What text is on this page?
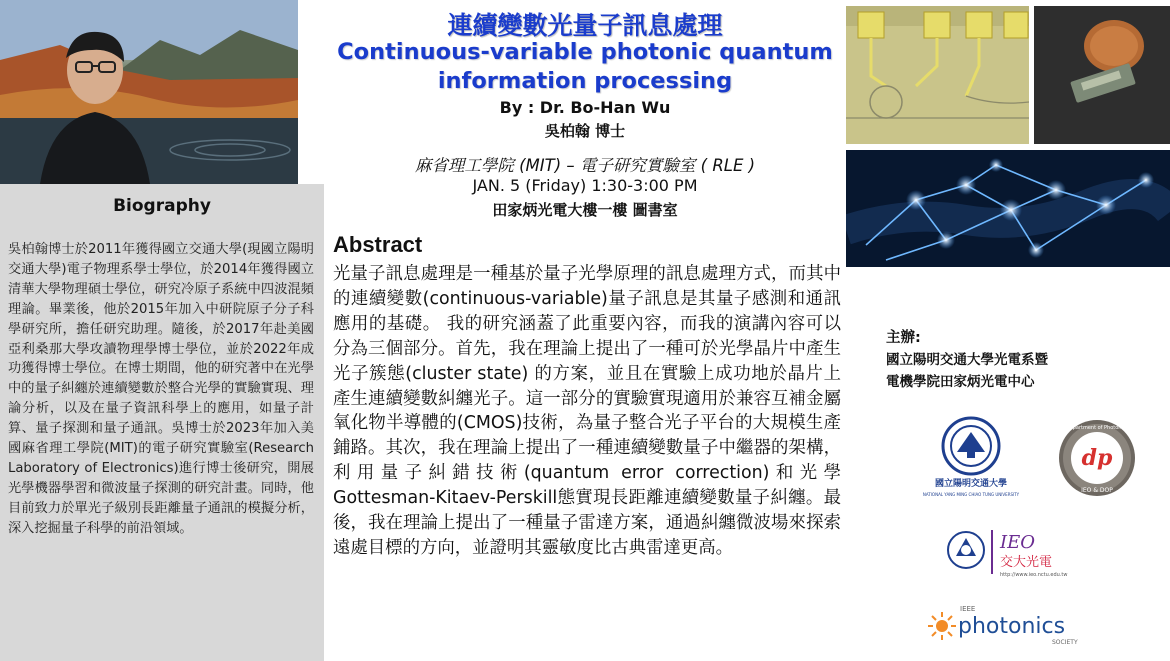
Biography
吳柏翰博士於2011年獲得國立交通大學(現國立陽明交通大學)電子物理系學士學位，於2014年獲得國立清華大學物理碩士學位，研究冷原子系統中四波混頻理論。畢業後，他於2015年加入中研院原子分子科學研究所，擔任研究助理。隨後，於2017年赴美國亞利桑那大學攻讀物理學博士學位，並於2022年成功獲得博士學位。在博士期間，他的研究著中在光學中的量子糾纏於連續變數於整合光學的實驗實現、理論分析，以及在量子資訊科學上的應用，如量子計算、量子探測和量子通訊。吳博士於2023年加入美國麻省理工學院(MIT)的電子研究實驗室(Research Laboratory of Electronics)進行博士後研究，開展光學機器學習和微波量子探測的研究計畫。同時，他目前致力於單光子級別長距離量子通訊的模擬分析，深入挖掘量子科學的前沿領域。
連續變數光量子訊息處理
Continuous-variable photonic quantum information processing
By : Dr. Bo-Han Wu
吳柏翰 博士
麻省理工學院 (MIT) – 電子研究實驗室 ( RLE )
JAN. 5 (Friday) 1:30-3:00 PM
田家炳光電大樓一樓 圖書室
Abstract
光量子訊息處理是一種基於量子光學原理的訊息處理方式，而其中的連續變數(continuous-variable)量子訊息是其量子感測和通訊應用的基礎。 我的研究涵蓋了此重要內容，而我的演講內容可以分為三個部分。首先，我在理論上提出了一種可於光學晶片中產生光子簇態(cluster state) 的方案，並且在實驗上成功地於晶片上產生連續變數糾纏光子。這一部分的實驗實現適用於兼容互補金屬氧化物半導體的(CMOS)技術，為量子整合光子平台的大規模生產鋪路。其次，我在理論上提出了一種連續變數量子中繼器的架構，利用量子糾錯技術(quantum error correction)和光學 Gottesman-Kitaev-Perskill態實現長距離連續變數量子糾纏。最後，我在理論上提出了一種量子雷達方案，通過糾纏微波場來探索遠處目標的方向，並證明其靈敏度比古典雷達更高。
主辦:
國立陽明交通大學光電系暨
電機學院田家炳光電中心
國立陽明交通大學
NATIONAL YANG MING CHIAO TUNG UNIVERSITY
dp
Department of Photonics
IEO & DOP
IEO
交大光電
http://www.ieo.nctu.edu.tw
IEEE
photonics
SOCIETY
